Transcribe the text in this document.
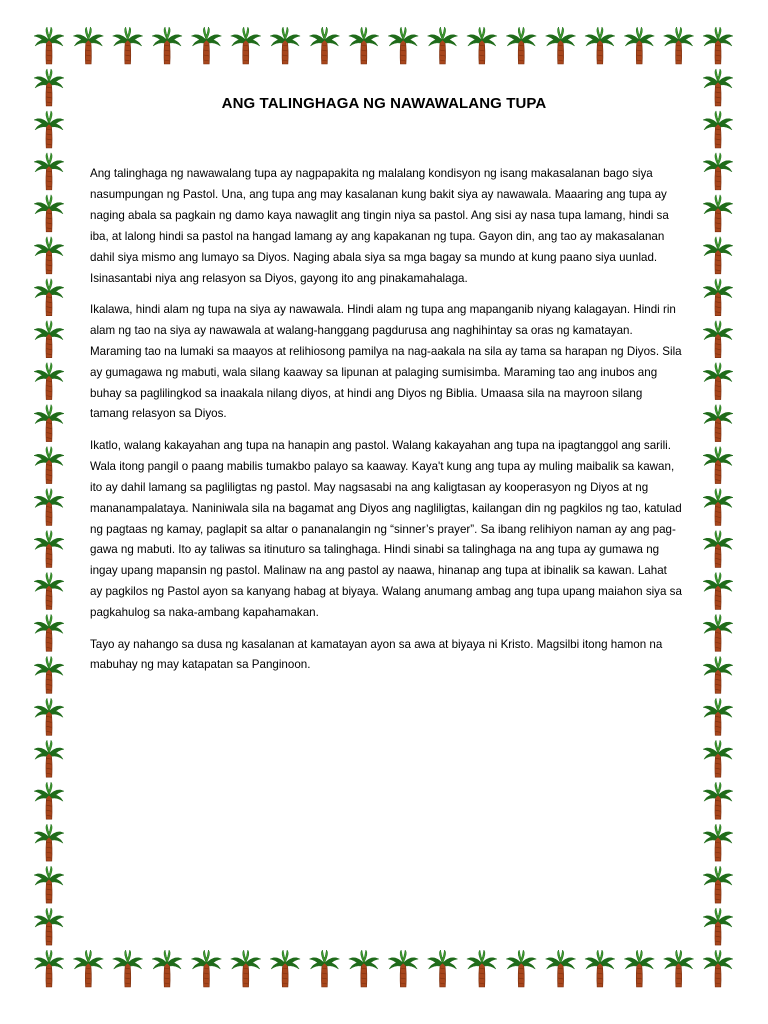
ANG TALINGHAGA NG NAWAWALANG TUPA

Ang talinghaga ng nawawalang tupa ay nagpapakita ng malalang kondisyon ng isang makasalanan bago siya nasumpungan ng Pastol. Una, ang tupa ang may kasalanan kung bakit siya ay nawawala. Maaaring ang tupa ay naging abala sa pagkain ng damo kaya nawaglit ang tingin niya sa pastol. Ang sisi ay nasa tupa lamang, hindi sa iba, at lalong hindi sa pastol na hangad lamang ay ang kapakanan ng tupa. Gayon din, ang tao ay makasalanan dahil siya mismo ang lumayo sa Diyos. Naging abala siya sa mga bagay sa mundo at kung paano siya uunlad. Isinasantabi niya ang relasyon sa Diyos, gayong ito ang pinakamahalaga.

Ikalawa, hindi alam ng tupa na siya ay nawawala. Hindi alam ng tupa ang mapanganib niyang kalagayan. Hindi rin alam ng tao na siya ay nawawala at walang-hanggang pagdurusa ang naghihintay sa oras ng kamatayan. Maraming tao na lumaki sa maayos at relihiosong pamilya na nag-aakala na sila ay tama sa harapan ng Diyos. Sila ay gumagawa ng mabuti, wala silang kaaway sa lipunan at palaging sumisimba. Maraming tao ang inubos ang buhay sa paglilingkod sa inaakala nilang diyos, at hindi ang Diyos ng Biblia. Umaasa sila na mayroon silang tamang relasyon sa Diyos.

Ikatlo, walang kakayahan ang tupa na hanapin ang pastol. Walang kakayahan ang tupa na ipagtanggol ang sarili. Wala itong pangil o paang mabilis tumakbo palayo sa kaaway. Kaya't kung ang tupa ay muling maibalik sa kawan, ito ay dahil lamang sa pagliligtas ng pastol. May nagsasabi na ang kaligtasan ay kooperasyon ng Diyos at ng mananampalataya. Naniniwala sila na bagamat ang Diyos ang nagliligtas, kailangan din ng pagkilos ng tao, katulad ng pagtaas ng kamay, paglapit sa altar o pananalangin ng “sinner’s prayer”. Sa ibang relihiyon naman ay ang pag-gawa ng mabuti. Ito ay taliwas sa itinuturo sa talinghaga. Hindi sinabi sa talinghaga na ang tupa ay gumawa ng ingay upang mapansin ng pastol. Malinaw na ang pastol ay naawa, hinanap ang tupa at ibinalik sa kawan. Lahat ay pagkilos ng Pastol ayon sa kanyang habag at biyaya. Walang anumang ambag ang tupa upang maiahon siya sa pagkahulog sa naka-ambang kapahamakan.

Tayo ay nahango sa dusa ng kasalanan at kamatayan ayon sa awa at biyaya ni Kristo. Magsilbi itong hamon na mabuhay ng may katapatan sa Panginoon.
